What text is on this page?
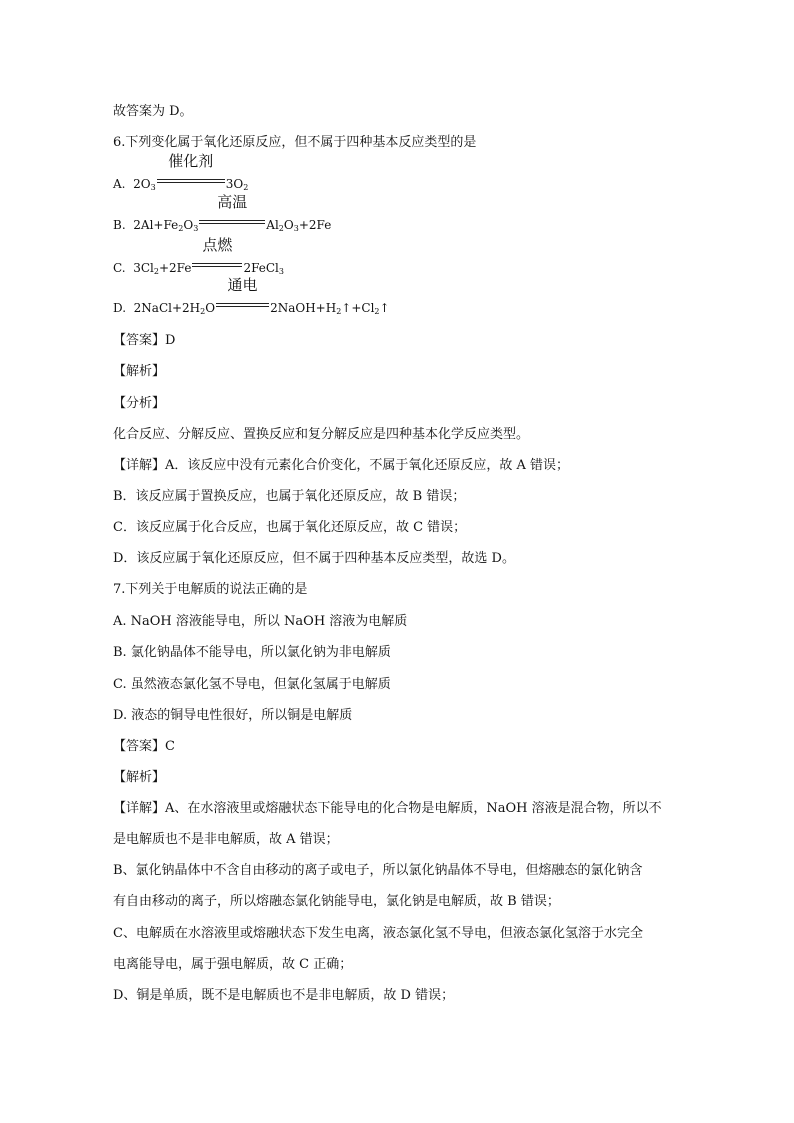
故答案为 D。
6.下列变化属于氧化还原反应，但不属于四种基本反应类型的是
A. $2O_3$
催化剂
$3O_2$
B. $2Al+Fe_2O_3$
高温
$Al_2O_3+2Fe$
C. $3Cl_2+2Fe$
点燃
2FeCl$_3$
D. $2NaCl+2H_2O$
通电
$2NaOH+H_2↑+Cl_2↑$
【答案】D
【解析】
【分析】
化合反应、分解反应、置换反应和复分解反应是四种基本化学反应类型。
【详解】A．该反应中没有元素化合价变化，不属于氧化还原反应，故 A 错误；
B．该反应属于置换反应，也属于氧化还原反应，故 B 错误；
C．该反应属于化合反应，也属于氧化还原反应，故 C 错误；
D．该反应属于氧化还原反应，但不属于四种基本反应类型，故选 D。
7.下列关于电解质的说法正确的是
A. NaOH 溶液能导电，所以 NaOH 溶液为电解质
B. 氯化钠晶体不能导电，所以氯化钠为非电解质
C. 虽然液态氯化氢不导电，但氯化氢属于电解质
D. 液态的铜导电性很好，所以铜是电解质
【答案】C
【解析】
【详解】A、在水溶液里或熔融状态下能导电的化合物是电解质，NaOH 溶液是混合物，所以不
是电解质也不是非电解质，故 A 错误；
B、氯化钠晶体中不含自由移动的离子或电子，所以氯化钠晶体不导电，但熔融态的氯化钠含
有自由移动的离子，所以熔融态氯化钠能导电，氯化钠是电解质，故 B 错误；
C、电解质在水溶液里或熔融状态下发生电离，液态氯化氢不导电，但液态氯化氢溶于水完全
电离能导电，属于强电解质，故 C 正确；
D、铜是单质，既不是电解质也不是非电解质，故 D 错误；
